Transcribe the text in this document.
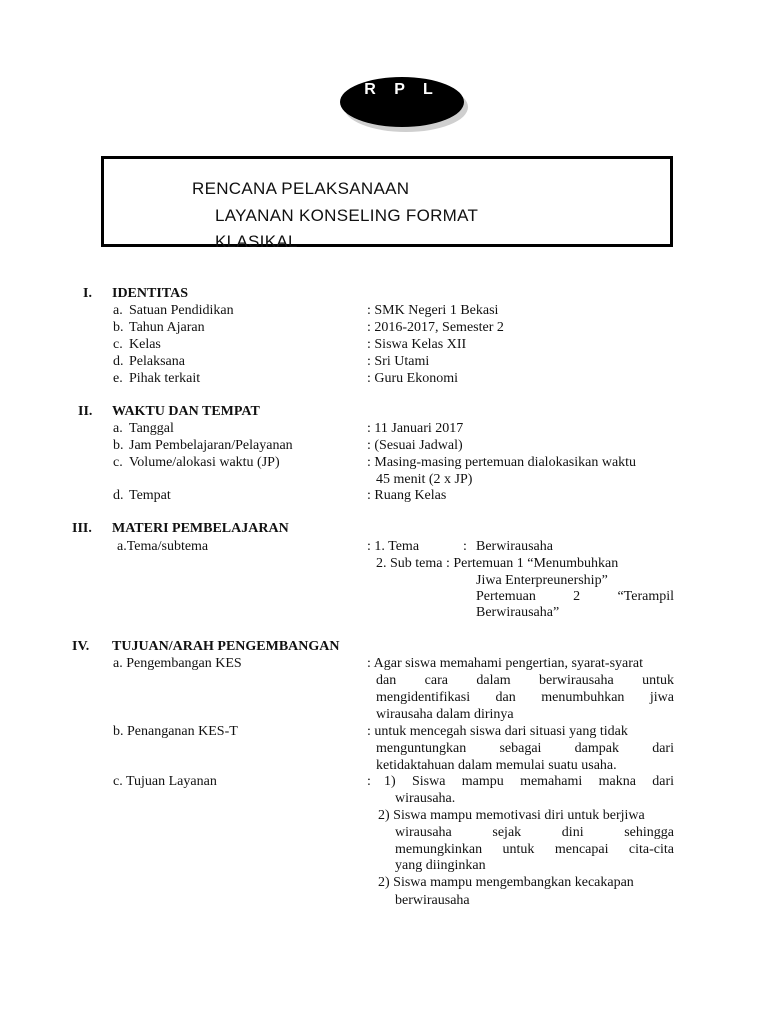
R P L
RENCANA PELAKSANAAN
LAYANAN KONSELING FORMAT
KLASIKAL
I. IDENTITAS
a. Satuan Pendidikan	: SMK Negeri 1 Bekasi
b. Tahun Ajaran	: 2016-2017, Semester 2
c. Kelas	: Siswa Kelas XII
d. Pelaksana	: Sri Utami
e. Pihak terkait	: Guru Ekonomi
II. WAKTU DAN TEMPAT
a. Tanggal	: 11 Januari 2017
b. Jam Pembelajaran/Pelayanan	: (Sesuai Jadwal)
c. Volume/alokasi waktu (JP)	: Masing-masing pertemuan dialokasikan waktu
45 menit (2 x JP)
d. Tempat	: Ruang Kelas
III. MATERI PEMBELAJARAN
a.Tema/subtema	: 1. Tema	: Berwirausaha
2. Sub tema : Pertemuan 1 “Menumbuhkan
Jiwa Enterpreunership”
Pertemuan 2 “Terampil
Berwirausaha”
IV. TUJUAN/ARAH PENGEMBANGAN
a. Pengembangan KES	: Agar siswa memahami pengertian, syarat-syarat
dan cara dalam berwirausaha untuk
mengidentifikasi dan menumbuhkan jiwa
wirausaha dalam dirinya
b. Penanganan KES-T	: untuk mencegah siswa dari situasi yang tidak
menguntungkan sebagai dampak dari
ketidaktahuan dalam memulai suatu usaha.
c. Tujuan Layanan	: 1) Siswa mampu memahami makna dari
wirausaha.
2) Siswa mampu memotivasi diri untuk berjiwa
wirausaha sejak dini sehingga
memungkinkan untuk mencapai cita-cita
yang diinginkan
2) Siswa mampu mengembangkan kecakapan
berwirausaha
